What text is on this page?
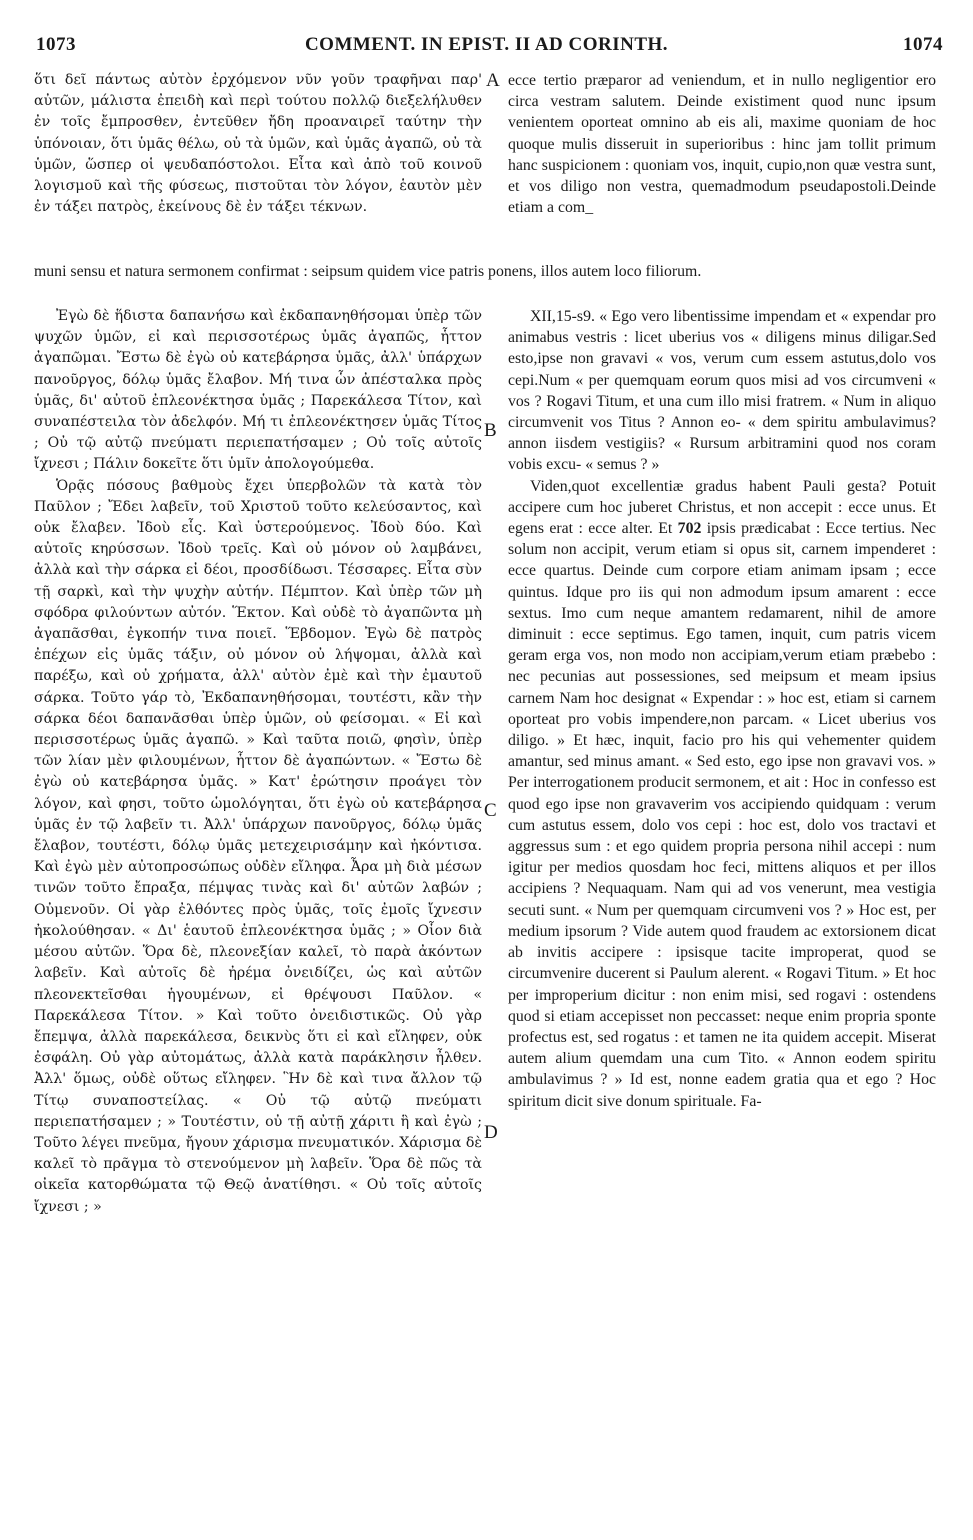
1073	COMMENT. IN EPIST. II AD CORINTH.	1074

ὅτι δεῖ πάντως αὐτὸν ἐρχόμενον νῦν γοῦν τραφῆναι παρ' αὐτῶν, μάλιστα ἐπειδὴ καὶ περὶ τούτου πολλῷ διεξελήλυθεν ἐν τοῖς ἔμπροσθεν, ἐντεῦθεν ἤδη προαναιρεῖ ταύτην τὴν ὑπόνοιαν, ὅτι ὑμᾶς θέλω, οὐ τὰ ὑμῶν, καὶ ὑμᾶς ἀγαπῶ, οὐ τὰ ὑμῶν, ὥσπερ οἱ ψευδαπόστολοι. Εἶτα καὶ ἀπὸ τοῦ κοινοῦ λογισμοῦ καὶ τῆς φύσεως, πιστοῦται τὸν λόγον, ἑαυτὸν μὲν ἐν τάξει πατρὸς, ἐκείνους δὲ ἐν τάξει τέκνων.

A ecce tertio præparor ad veniendum, et in nullo negligentior ero circa vestram salutem. Deinde existiment quod nunc ipsum venientem oporteat omnino ab eis ali, maxime quoniam de hoc quoque mulis disseruit in superioribus : hinc jam tollit primum hanc suspicionem : quoniam vos, inquit, cupio,non quæ vestra sunt, et vos diligo non vestra, quemadmodum pseudapostoli.Deinde etiam a com_

muni sensu et natura sermonem confirmat : seipsum quidem vice patris ponens, illos autem loco filiorum.

Ἐγὼ δὲ ἥδιστα δαπανήσω καὶ ἐκδαπανηθήσομαι ὑπὲρ τῶν ψυχῶν ὑμῶν, εἰ καὶ περισσοτέρως ὑμᾶς ἀγαπῶς, ἧττον ἀγαπῶμαι. Ἔστω δὲ ἐγὼ οὐ κατεβάρησα ὑμᾶς, ἀλλ' ὑπάρχων πανοῦργος, δόλῳ ὑμᾶς ἔλαβον. Μή τινα ὧν ἀπέσταλκα πρὸς ὑμᾶς, δι' αὐτοῦ ἐπλεονέκτησα ὑμᾶς ; Παρεκάλεσα Τίτον, καὶ συναπέστειλα τὸν ἀδελφόν. Μή τι ἐπλεονέκτησεν ὑμᾶς Τίτος ; Οὐ τῷ αὐτῷ πνεύματι περιεπατήσαμεν ; Οὐ τοῖς αὐτοῖς ἴχνεσι ; Πάλιν δοκεῖτε ὅτι ὑμῖν ἀπολογούμεθα.

Ὁρᾷς πόσους βαθμοὺς ἔχει ὑπερβολῶν τὰ κατὰ τὸν Παῦλον ; Ἔδει λαβεῖν, τοῦ Χριστοῦ τοῦτο κελεύσαντος, καὶ οὐκ ἔλαβεν. Ἰδοὺ εἷς. Καὶ ὑστερούμενος. Ἰδοὺ δύο. Καὶ αὐτοῖς κηρύσσων. Ἰδοὺ τρεῖς. Καὶ οὐ μόνον οὐ λαμβάνει, ἀλλὰ καὶ τὴν σάρκα εἰ δέοι, προσδίδωσι. Τέσσαρες. Εἶτα σὺν τῇ σαρκὶ, καὶ τὴν ψυχὴν αὐτήν. Πέμπτον. Καὶ ὑπὲρ τῶν μὴ σφόδρα φιλούντων αὐτόν. Ἕκτον. Καὶ οὐδὲ τὸ ἀγαπῶντα μὴ ἀγαπᾶσθαι, ἐγκοπήν τινα ποιεῖ. Ἕβδομον. Ἐγὼ δὲ πατρὸς ἐπέχων εἰς ὑμᾶς τάξιν, οὐ μόνον οὐ λήψομαι, ἀλλὰ καὶ παρέξω, καὶ οὐ χρήματα, ἀλλ' αὐτὸν ἐμὲ καὶ τὴν ἐμαυτοῦ σάρκα. Τοῦτο γάρ τὸ, Ἐκδαπανηθήσομαι, τουτέστι, κἂν τὴν σάρκα δέοι δαπανᾶσθαι ὑπὲρ ὑμῶν, οὐ φείσομαι. « Εἰ καὶ περισσοτέρως ὑμᾶς ἀγαπῶ. » Καὶ ταῦτα ποιῶ, φησὶν, ὑπὲρ τῶν λίαν μὲν φιλουμένων, ἧττον δὲ ἀγαπώντων. « Ἔστω δὲ ἐγὼ οὐ κατεβάρησα ὑμᾶς. » Κατ' ἐρώτησιν προάγει τὸν λόγον, καὶ φησι, τοῦτο ὡμολόγηται, ὅτι ἐγὼ οὐ κατεβάρησα ὑμᾶς ἐν τῷ λαβεῖν τι. Ἀλλ' ὑπάρχων πανοῦργος, δόλῳ ὑμᾶς ἔλαβον, τουτέστι, δόλῳ ὑμᾶς μετεχειρισάμην καὶ ἠκόντισα. Καὶ ἐγὼ μὲν αὐτοπροσώπως οὐδὲν εἴληφα. Ἆρα μὴ διὰ μέσων τινῶν τοῦτο ἔπραξα, πέμψας τινὰς καὶ δι' αὐτῶν λαβών ; Οὐμενοῦν. Οἱ γὰρ ἐλθόντες πρὸς ὑμᾶς, τοῖς ἐμοῖς ἴχνεσιν ἠκολούθησαν. « Δι' ἑαυτοῦ ἐπλεονέκτησα ὑμᾶς ; » Οἷον διὰ μέσου αὐτῶν. Ὅρα δὲ, πλεονεξίαν καλεῖ, τὸ παρὰ ἀκόντων λαβεῖν. Καὶ αὐτοῖς δὲ ἠρέμα ὀνειδίζει, ὡς καὶ αὐτῶν πλεονεκτεῖσθαι ἡγουμένων, εἰ θρέψουσι Παῦλον. « Παρεκάλεσα Τίτον. » Καὶ τοῦτο ὀνειδιστικῶς. Οὐ γὰρ ἔπεμψα, ἀλλὰ παρεκάλεσα, δεικνὺς ὅτι εἰ καὶ εἴληφεν, οὐκ ἐσφάλη. Οὐ γὰρ αὐτομάτως, ἀλλὰ κατὰ παράκλησιν ἦλθεν. Ἀλλ' ὅμως, οὐδὲ οὕτως εἴληφεν. Ἣν δὲ καὶ τινα ἄλλον τῷ Τίτῳ συναποστείλας. « Οὐ τῷ αὐτῷ πνεύματι περιεπατήσαμεν ; » Τουτέστιν, οὐ τῇ αὐτῇ χάριτι ἣ καὶ ἐγὼ ; Τοῦτο λέγει πνεῦμα, ἤγουν χάρισμα πνευματικόν. Χάρισμα δὲ καλεῖ τὸ πρᾶγμα τὸ στενούμενον μὴ λαβεῖν. Ὅρα δὲ πῶς τὰ οἰκεῖα κατορθώματα τῷ Θεῷ ἀνατίθησι. « Οὐ τοῖς αὐτοῖς ἴχνεσι ; »

B
C
D

XII,15-s9. « Ego vero libentissime impendam et « expendar pro animabus vestris : licet uberius vos « diligens minus diligar.Sed esto,ipse non gravavi « vos, verum cum essem astutus,dolo vos cepi.Num « per quemquam eorum quos misi ad vos circumveni « vos ? Rogavi Titum, et una cum illo misi fratrem. « Num in aliquo circumvenit vos Titus ? Annon eo- « dem spiritu ambulavimus? annon iisdem vestigiis? « Rursum arbitramini quod nos coram vobis excu- « semus ? »

Viden,quot excellentiæ gradus habent Pauli gesta? Potuit accipere cum hoc juberet Christus, et non accepit : ecce unus. Et egens erat : ecce alter. Et 702 ipsis prædicabat : Ecce tertius. Nec solum non accipit, verum etiam si opus sit, carnem impenderet : ecce quartus. Deinde cum corpore etiam animam ipsam ; ecce quintus. Idque pro iis qui non admodum ipsum amarent : ecce sextus. Imo cum neque amantem redamarent, nihil de amore diminuit : ecce septimus. Ego tamen, inquit, cum patris vicem geram erga vos, non modo non accipiam,verum etiam præbebo : nec pecunias aut possessiones, sed meipsum et meam ipsius carnem Nam hoc designat « Expendar : » hoc est, etiam si carnem oporteat pro vobis impendere,non parcam. « Licet uberius vos diligo. » Et hæc, inquit, facio pro his qui vehementer quidem amantur, sed minus amant. « Sed esto, ego ipse non gravavi vos. » Per interrogationem producit sermonem, et ait : Hoc in confesso est quod ego ipse non gravaverim vos accipiendo quidquam : verum cum astutus essem, dolo vos cepi : hoc est, dolo vos tractavi et aggressus sum : et ego quidem propria persona nihil accepi : num igitur per medios quosdam hoc feci, mittens aliquos et per illos accipiens ? Nequaquam. Nam qui ad vos venerunt, mea vestigia secuti sunt. « Num per quemquam circumveni vos ? » Hoc est, per medium ipsorum ? Vide autem quod fraudem ac extorsionem dicat ab invitis accipere : ipsisque tacite improperat, quod se circumvenire ducerent si Paulum alerent. « Rogavi Titum. » Et hoc per improperium dicitur : non enim misi, sed rogavi : ostendens quod si etiam accepisset non peccasset: neque enim propria sponte profectus est, sed rogatus : et tamen ne ita quidem accepit. Miserat autem alium quemdam una cum Tito. « Annon eodem spiritu ambulavimus ? » Id est, nonne eadem gratia qua et ego ? Hoc spiritum dicit sive donum spirituale. Fa-
